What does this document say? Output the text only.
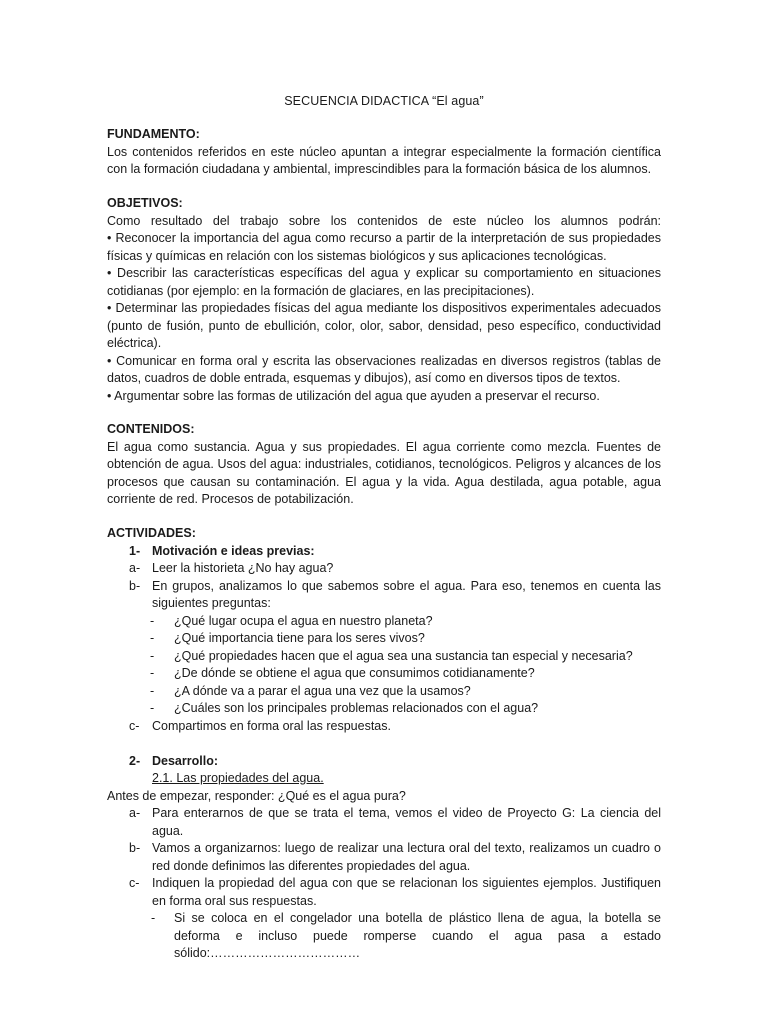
SECUENCIA DIDACTICA “El agua”
FUNDAMENTO:
Los contenidos referidos en este núcleo apuntan a integrar especialmente la formación científica con la formación ciudadana y ambiental, imprescindibles para la formación básica de los alumnos.
OBJETIVOS:
Como resultado del trabajo sobre los contenidos de este núcleo los alumnos podrán:
• Reconocer la importancia del agua como recurso a partir de la interpretación de sus propiedades físicas y químicas en relación con los sistemas biológicos y sus aplicaciones tecnológicas.
• Describir las características específicas del agua y explicar su comportamiento en situaciones cotidianas (por ejemplo: en la formación de glaciares, en las precipitaciones).
• Determinar las propiedades físicas del agua mediante los dispositivos experimentales adecuados (punto de fusión, punto de ebullición, color, olor, sabor, densidad, peso específico, conductividad eléctrica).
• Comunicar en forma oral y escrita las observaciones realizadas en diversos registros (tablas de datos, cuadros de doble entrada, esquemas y dibujos), así como en diversos tipos de textos.
• Argumentar sobre las formas de utilización del agua que ayuden a preservar el recurso.
CONTENIDOS:
El agua como sustancia. Agua y sus propiedades. El agua corriente como mezcla. Fuentes de obtención de agua. Usos del agua: industriales, cotidianos, tecnológicos. Peligros y alcances de los procesos que causan su contaminación. El agua y la vida. Agua destilada, agua potable, agua corriente de red. Procesos de potabilización.
ACTIVIDADES:
1- Motivación e ideas previas:
a- Leer la historieta ¿No hay agua?
b- En grupos, analizamos lo que sabemos sobre el agua. Para eso, tenemos en cuenta las siguientes preguntas:
- ¿Qué lugar ocupa el agua en nuestro planeta?
- ¿Qué importancia tiene para los seres vivos?
- ¿Qué propiedades hacen que el agua sea una sustancia tan especial y necesaria?
- ¿De dónde se obtiene el agua que consumimos cotidianamente?
- ¿A dónde va a parar el agua una vez que la usamos?
- ¿Cuáles son los principales problemas relacionados con el agua?
c- Compartimos en forma oral las respuestas.
2- Desarrollo:
2.1. Las propiedades del agua.
Antes de empezar, responder: ¿Qué es el agua pura?
a- Para enterarnos de que se trata el tema, vemos el video de Proyecto G: La ciencia del agua.
b- Vamos a organizarnos: luego de realizar una lectura oral del texto, realizamos un cuadro o red donde definimos las diferentes propiedades del agua.
c- Indiquen la propiedad del agua con que se relacionan los siguientes ejemplos. Justifiquen en forma oral sus respuestas.
- Si se coloca en el congelador una botella de plástico llena de agua, la botella se deforma e incluso puede romperse cuando el agua pasa a estado sólido:………………………………
